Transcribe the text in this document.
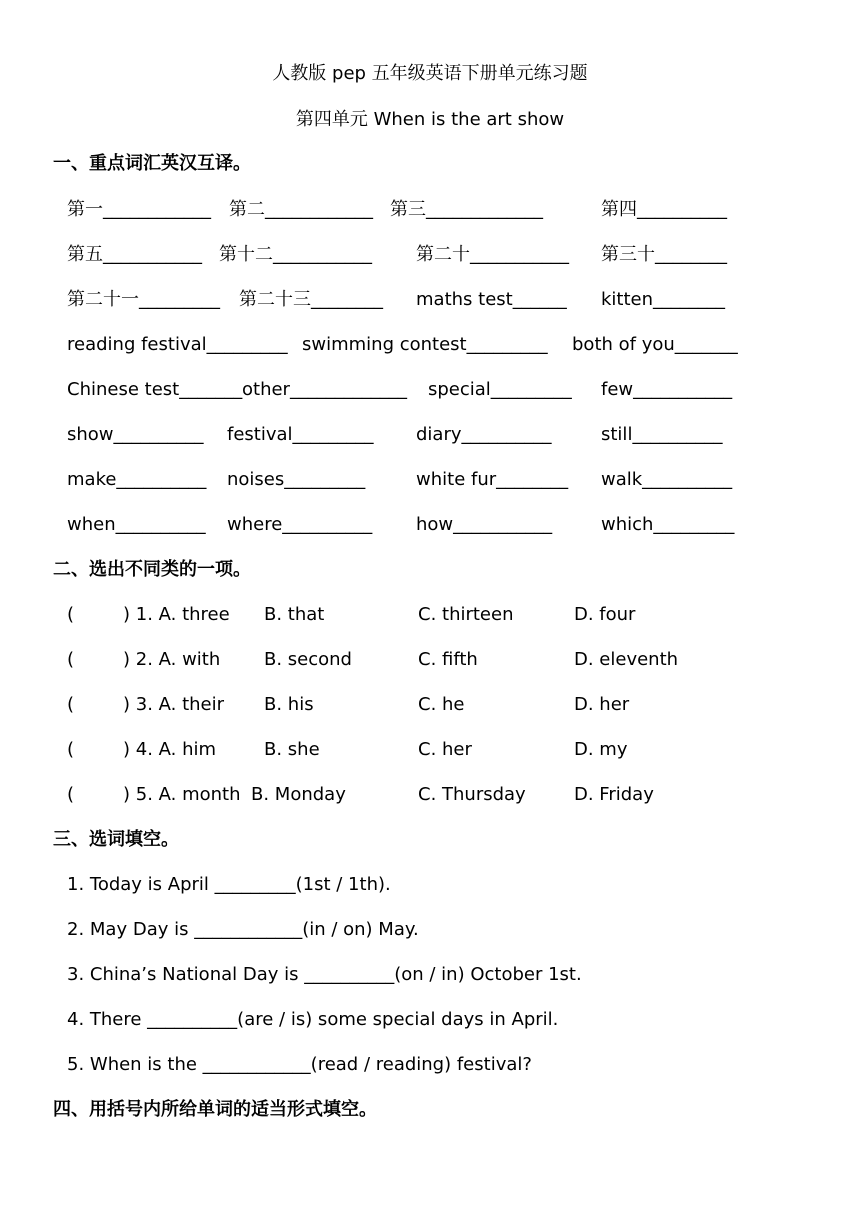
人教版 pep 五年级英语下册单元练习题
第四单元 When is the art show
一、重点词汇英汉互译。
第一____________ 第二____________ 第三_____________	第四__________
第五___________ 第十二___________ 第二十___________ 第三十________
第二十一_________ 第二十三________ maths test______ kitten________
reading festival_________ swimming contest_________ both of you_______
Chinese test_______ other_____________ special_________ few___________
show__________ festival_________ diary__________	still__________
make__________ noises_________	white fur________ walk__________
when__________ where__________ how___________	which_________
二、选出不同类的一项。
(	) 1. A. three B. that	C. thirteen	D. four
(	) 2. A. with B. second	C. fifth	D. eleventh
(	) 3. A. their B. his	C. he	D. her
(	) 4. A. him	B. she	C. her	D. my
(	) 5. A. month B. Monday	C. Thursday	D. Friday
三、选词填空。
1. Today is April _________(1st / 1th).
2. May Day is ____________(in / on) May.
3. China’s National Day is __________(on / in) October 1st.
4. There __________(are / is) some special days in April.
5. When is the ____________(read / reading) festival?
四、用括号内所给单词的适当形式填空。
